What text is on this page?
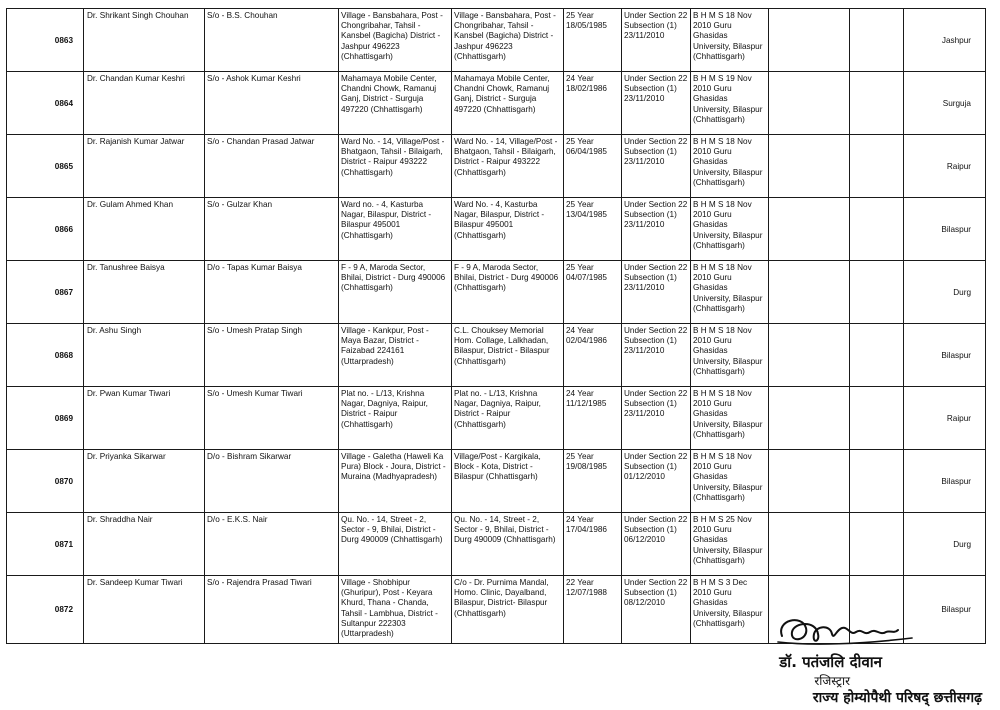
0863	Dr. Shrikant Singh Chouhan	S/o - B.S. Chouhan	Village - Bansbahara, Post - Chongribahar, Tahsil - Kansbel (Bagicha) District - Jashpur 496223 (Chhattisgarh)	Village - Bansbahara, Post - Chongribahar, Tahsil - Kansbel (Bagicha) District - Jashpur 496223 (Chhattisgarh)	25 Year 18/05/1985	Under Section 22 Subsection (1) 23/11/2010	B H M S 18 Nov 2010 Guru Ghasidas University, Bilaspur (Chhattisgarh)			Jashpur
0864	Dr. Chandan Kumar Keshri	S/o - Ashok Kumar Keshri	Mahamaya Mobile Center, Chandni Chowk, Ramanuj Ganj, District - Surguja 497220 (Chhattisgarh)	Mahamaya Mobile Center, Chandni Chowk, Ramanuj Ganj, District - Surguja 497220 (Chhattisgarh)	24 Year 18/02/1986	Under Section 22 Subsection (1) 23/11/2010	B H M S 19 Nov 2010 Guru Ghasidas University, Bilaspur (Chhattisgarh)			Surguja
0865	Dr. Rajanish Kumar Jatwar	S/o - Chandan Prasad Jatwar	Ward No. - 14, Village/Post - Bhatgaon, Tahsil - Bilaigarh, District - Raipur 493222 (Chhattisgarh)	Ward No. - 14, Village/Post - Bhatgaon, Tahsil - Bilaigarh, District - Raipur 493222 (Chhattisgarh)	25 Year 06/04/1985	Under Section 22 Subsection (1) 23/11/2010	B H M S 18 Nov 2010 Guru Ghasidas University, Bilaspur (Chhattisgarh)			Raipur
0866	Dr. Gulam Ahmed Khan	S/o - Gulzar Khan	Ward no. - 4, Kasturba Nagar, Bilaspur, District - Bilaspur 495001 (Chhattisgarh)	Ward No. - 4, Kasturba Nagar, Bilaspur, District - Bilaspur 495001 (Chhattisgarh)	25 Year 13/04/1985	Under Section 22 Subsection (1) 23/11/2010	B H M S 18 Nov 2010 Guru Ghasidas University, Bilaspur (Chhattisgarh)			Bilaspur
0867	Dr. Tanushree Baisya	D/o - Tapas Kumar Baisya	F - 9 A, Maroda Sector, Bhilai, District - Durg 490006 (Chhattisgarh)	F - 9 A, Maroda Sector, Bhilai, District - Durg 490006 (Chhattisgarh)	25 Year 04/07/1985	Under Section 22 Subsection (1) 23/11/2010	B H M S 18 Nov 2010 Guru Ghasidas University, Bilaspur (Chhattisgarh)			Durg
0868	Dr. Ashu Singh	S/o - Umesh Pratap Singh	Village - Kankpur, Post - Maya Bazar, District - Faizabad 224161 (Uttarpradesh)	C.L. Chouksey Memorial Hom. Collage, Lalkhadan, Bilaspur, District - Bilaspur (Chhattisgarh)	24 Year 02/04/1986	Under Section 22 Subsection (1) 23/11/2010	B H M S 18 Nov 2010 Guru Ghasidas University, Bilaspur (Chhattisgarh)			Bilaspur
0869	Dr. Pwan Kumar Tiwari	S/o - Umesh Kumar Tiwari	Plat no. - L/13, Krishna Nagar, Dagniya, Raipur, District - Raipur (Chhattisgarh)	Plat no. - L/13, Krishna Nagar, Dagniya, Raipur, District - Raipur (Chhattisgarh)	24 Year 11/12/1985	Under Section 22 Subsection (1) 23/11/2010	B H M S 18 Nov 2010 Guru Ghasidas University, Bilaspur (Chhattisgarh)			Raipur
0870	Dr. Priyanka Sikarwar	D/o - Bishram Sikarwar	Village - Galetha (Haweli Ka Pura) Block - Joura, District - Muraina (Madhyapradesh)	Village/Post - Kargikala, Block - Kota, District - Bilaspur (Chhattisgarh)	25 Year 19/08/1985	Under Section 22 Subsection (1) 01/12/2010	B H M S 18 Nov 2010 Guru Ghasidas University, Bilaspur (Chhattisgarh)			Bilaspur
0871	Dr. Shraddha Nair	D/o - E.K.S. Nair	Qu. No. - 14, Street - 2, Sector - 9, Bhilai, District - Durg 490009 (Chhattisgarh)	Qu. No. - 14, Street - 2, Sector - 9, Bhilai, District - Durg 490009 (Chhattisgarh)	24 Year 17/04/1986	Under Section 22 Subsection (1) 06/12/2010	B H M S 25 Nov 2010 Guru Ghasidas University, Bilaspur (Chhattisgarh)			Durg
0872	Dr. Sandeep Kumar Tiwari	S/o - Rajendra Prasad Tiwari	Village - Shobhipur (Ghuripur), Post - Keyara Khurd, Thana - Chanda, Tahsil - Lambhua, District - Sultanpur 222303 (Uttarpradesh)	C/o - Dr. Purnima Mandal, Homo. Clinic, Dayalband, Bilaspur, District- Bilaspur (Chhattisgarh)	22 Year 12/07/1988	Under Section 22 Subsection (1) 08/12/2010	B H M S 3 Dec 2010 Guru Ghasidas University, Bilaspur (Chhattisgarh)			Bilaspur
डॉ. पतंजलि दीवान
रजिस्ट्रार
राज्य होम्योपैथी परिषद् छत्तीसगढ़
